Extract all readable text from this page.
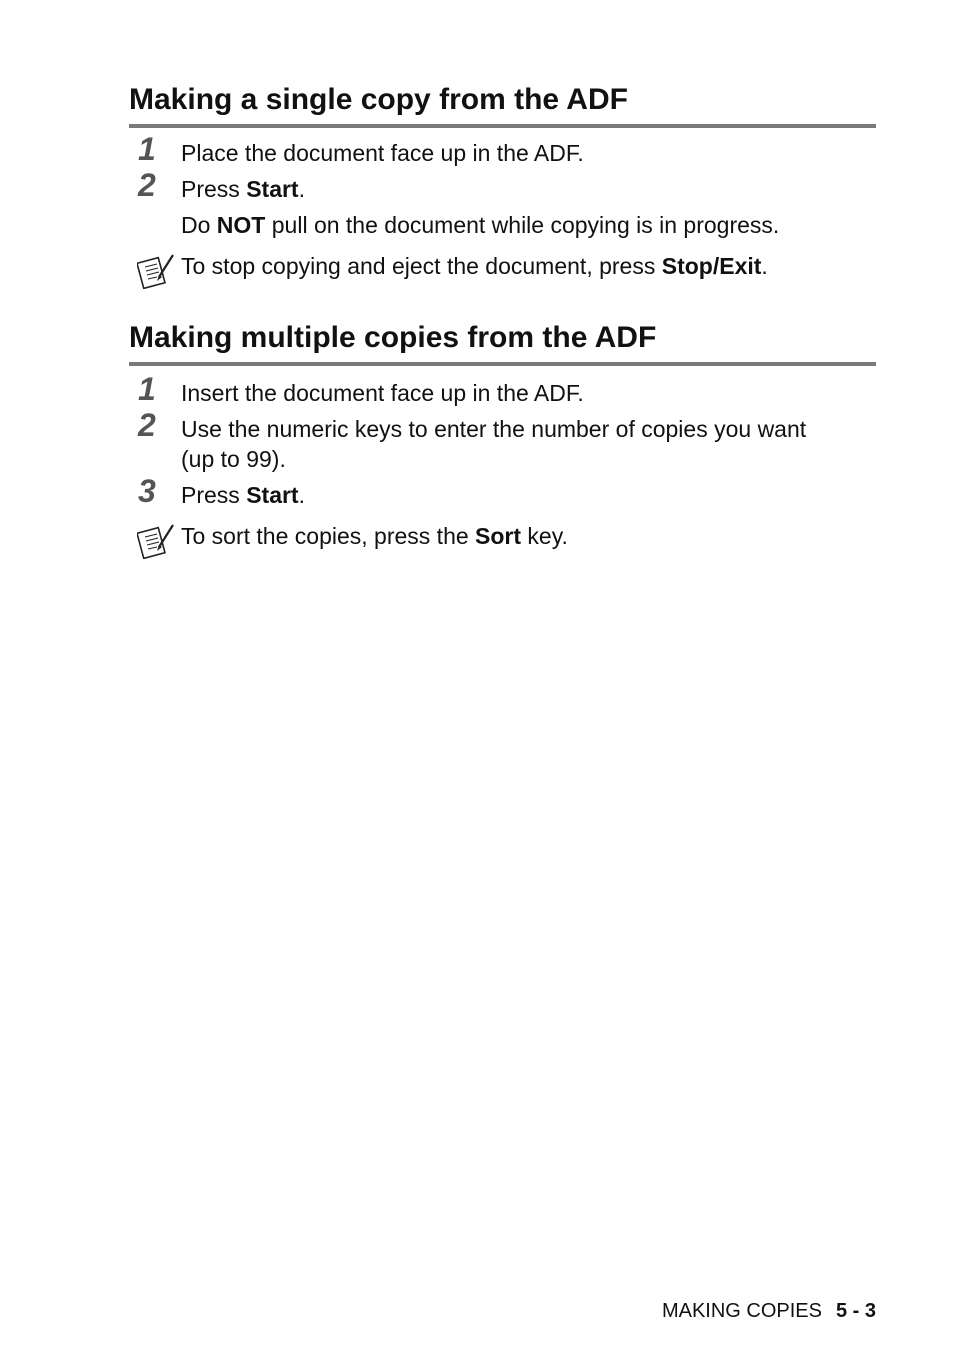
Making a single copy from the ADF
1 Place the document face up in the ADF.
2 Press Start.
Do NOT pull on the document while copying is in progress.
To stop copying and eject the document, press Stop/Exit.
Making multiple copies from the ADF
1 Insert the document face up in the ADF.
2 Use the numeric keys to enter the number of copies you want
(up to 99).
3 Press Start.
To sort the copies, press the Sort key.
MAKING COPIES 5 - 3
